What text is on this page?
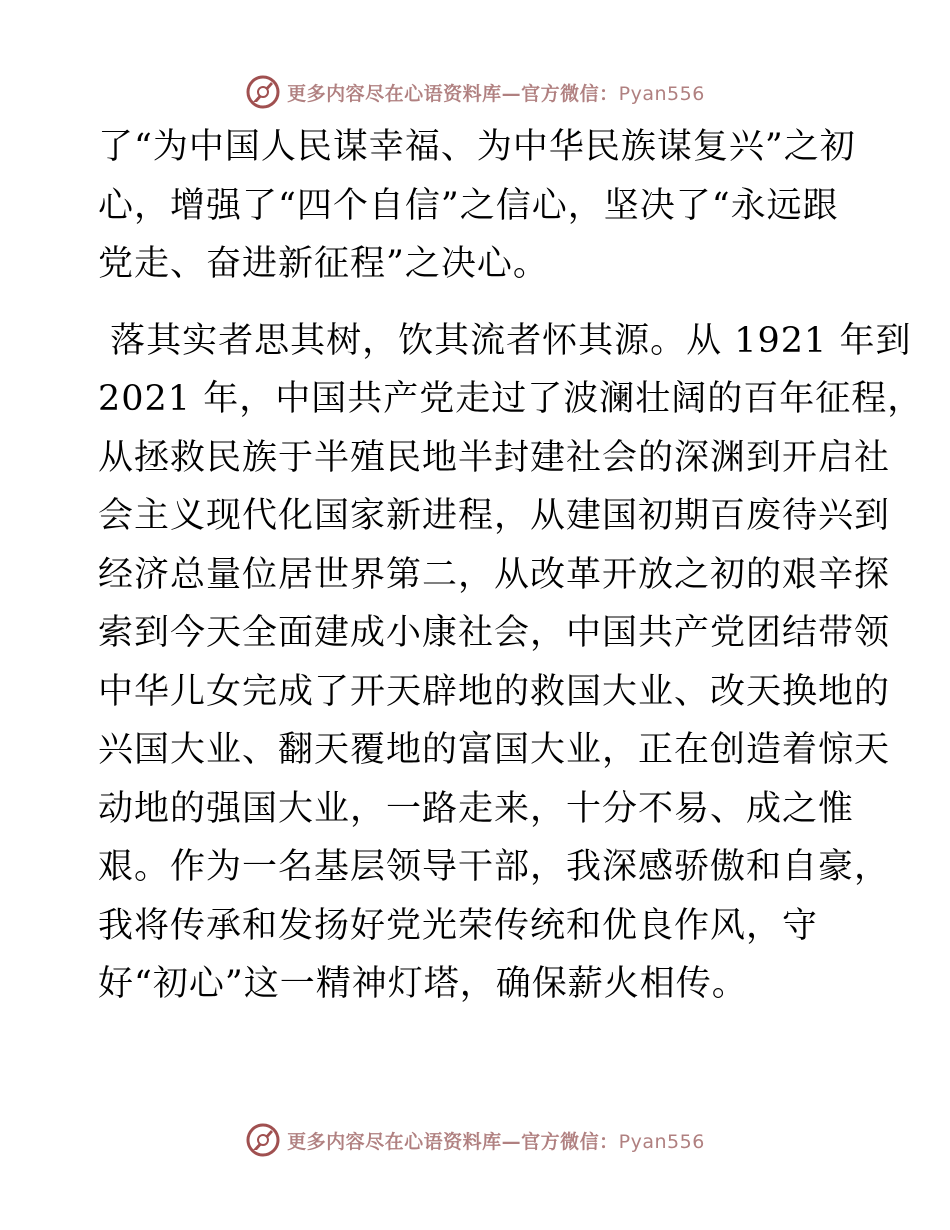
更多内容尽在心语资料库—官方微信：Pyan556
了“为中国人民谋幸福、为中华民族谋复兴”之初
心，增强了“四个自信”之信心，坚决了“永远跟
党走、奋进新征程”之决心。
落其实者思其树，饮其流者怀其源。从 1921 年到
2021 年，中国共产党走过了波澜壮阔的百年征程，
从拯救民族于半殖民地半封建社会的深渊到开启社
会主义现代化国家新进程，从建国初期百废待兴到
经济总量位居世界第二，从改革开放之初的艰辛探
索到今天全面建成小康社会，中国共产党团结带领
中华儿女完成了开天辟地的救国大业、改天换地的
兴国大业、翻天覆地的富国大业，正在创造着惊天
动地的强国大业，一路走来，十分不易、成之惟
艰。作为一名基层领导干部，我深感骄傲和自豪，
我将传承和发扬好党光荣传统和优良作风，守
好“初心”这一精神灯塔，确保薪火相传。
更多内容尽在心语资料库—官方微信：Pyan556
